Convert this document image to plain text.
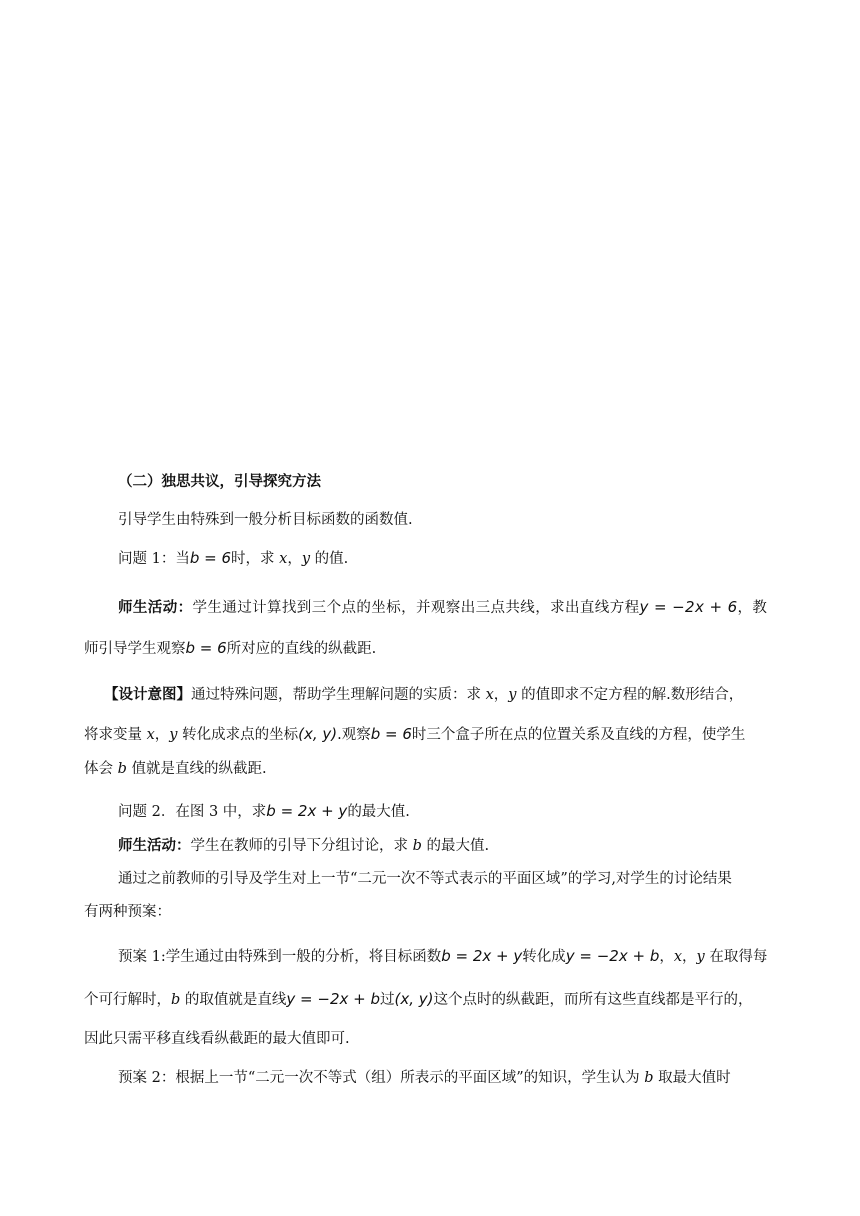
（二）独思共议，引导探究方法
引导学生由特殊到一般分析目标函数的函数值.
问题 1：当b = 6时，求 x，y 的值.
师生活动：学生通过计算找到三个点的坐标，并观察出三点共线，求出直线方程y = −2x + 6，教
师引导学生观察b = 6所对应的直线的纵截距.
【设计意图】通过特殊问题，帮助学生理解问题的实质：求 x，y 的值即求不定方程的解.数形结合，
将求变量 x，y 转化成求点的坐标(x, y).观察b = 6时三个盒子所在点的位置关系及直线的方程，使学生
体会 b 值就是直线的纵截距.
问题 2．在图 3 中，求b = 2x + y的最大值.
师生活动：学生在教师的引导下分组讨论，求 b 的最大值.
通过之前教师的引导及学生对上一节“二元一次不等式表示的平面区域”的学习,对学生的讨论结果
有两种预案：
预案 1:学生通过由特殊到一般的分析，将目标函数b = 2x + y转化成y = −2x + b，x，y 在取得每
个可行解时，b 的取值就是直线y = −2x + b过(x, y)这个点时的纵截距，而所有这些直线都是平行的，
因此只需平移直线看纵截距的最大值即可.
预案 2：根据上一节“二元一次不等式（组）所表示的平面区域”的知识，学生认为 b 取最大值时
